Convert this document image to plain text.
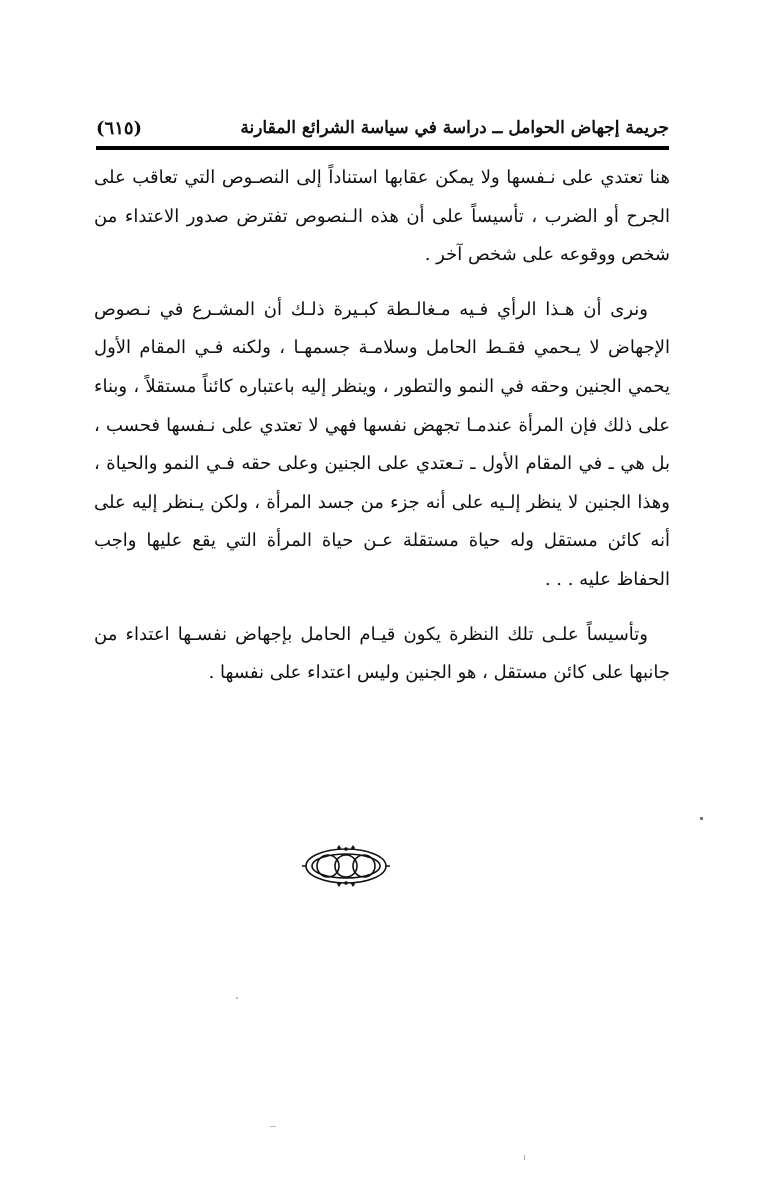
جريمة إجهاض الحوامل ــ دراسة في سياسة الشرائع المقارنة
(٦١٥)

هنا تعتدي على نـفسها ولا يمكن عقابها استناداً إلى النصـوص التي تعاقب على الجرح أو الضرب ، تأسيساً على أن هذه الـنصوص تفترض صدور الاعتداء من شخص ووقوعه على شخص آخر .

ونرى أن هـذا الرأي فـيه مـغالـطة كبـيرة ذلـك أن المشـرع في نـصوص الإجهاض لا يـحمي فقـط الحامل وسلامـة جسمهـا ، ولكنه فـي المقام الأول يحمي الجنين وحقه في النمو والتطور ، وينظر إليه باعتباره كائناً مستقلاً ، وبناء على ذلك فإن المرأة عندمـا تجهض نفسها فهي لا تعتدي على نـفسها فحسب ، بل هي ـ في المقام الأول ـ تـعتدي على الجنين وعلى حقه فـي النمو والحياة ، وهذا الجنين لا ينظر إلـيه على أنه جزء من جسد المرأة ، ولكن يـنظر إليه على أنه كائن مستقل وله حياة مستقلة عـن حياة المرأة التي يقع عليها واجب الحفاظ عليه . . .

وتأسيساً علـى تلك النظرة يكون قيـام الحامل بإجهاض نفسـها اعتداء من جانبها على كائن مستقل ، هو الجنين وليس اعتداء على نفسها .
